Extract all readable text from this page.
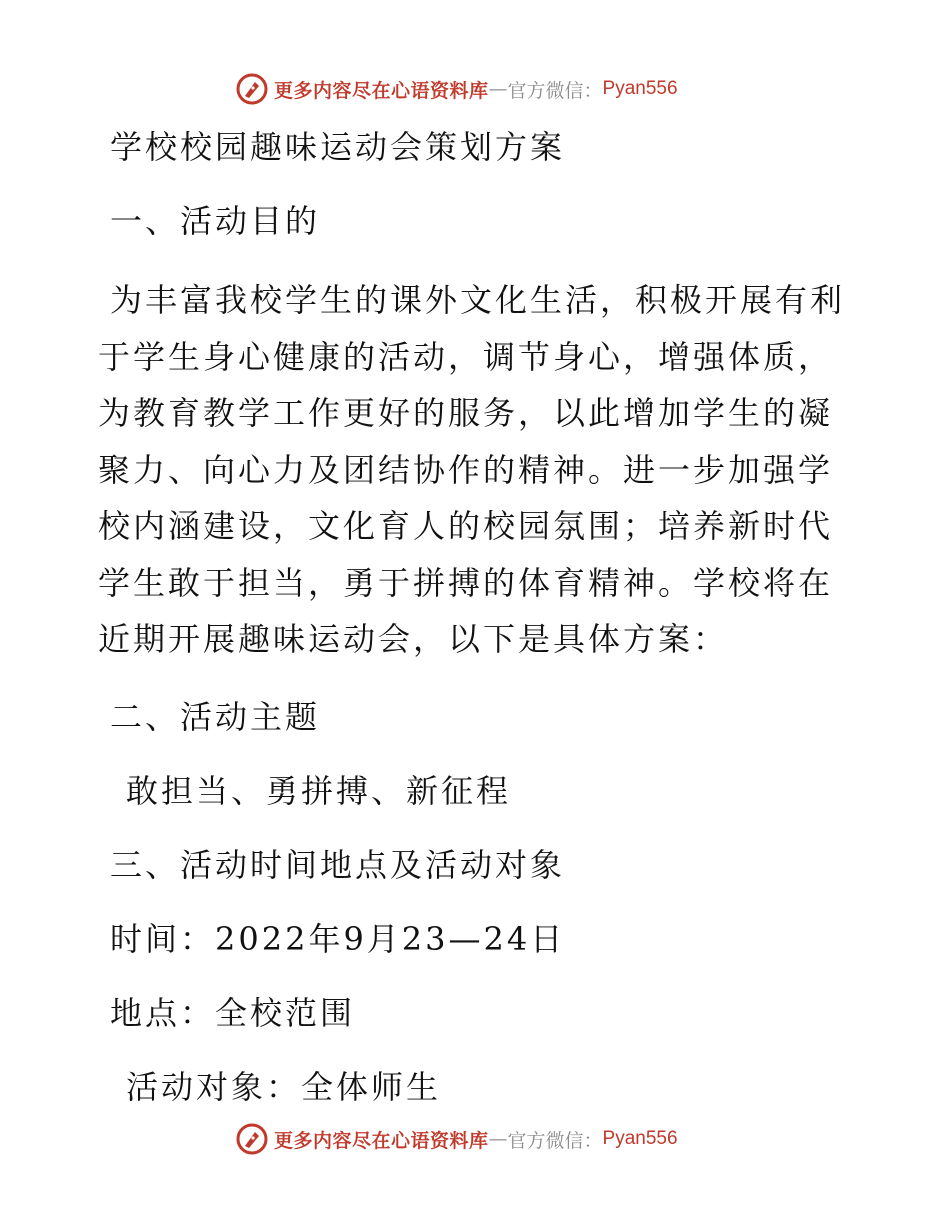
更多内容尽在心语资料库 — 官方微信： Pyan556

学校校园趣味运动会策划方案

一、活动目的

为丰富我校学生的课外文化生活，积极开展有利于学生身心健康的活动，调节身心，增强体质，为教育教学工作更好的服务，以此增加学生的凝聚力、向心力及团结协作的精神。进一步加强学校内涵建设，文化育人的校园氛围；培养新时代学生敢于担当，勇于拼搏的体育精神。学校将在近期开展趣味运动会，以下是具体方案：

二、活动主题

敢担当、勇拼搏、新征程

三、活动时间地点及活动对象

时间：2022年9月23—24日

地点：全校范围

活动对象：全体师生

更多内容尽在心语资料库 — 官方微信： Pyan556
